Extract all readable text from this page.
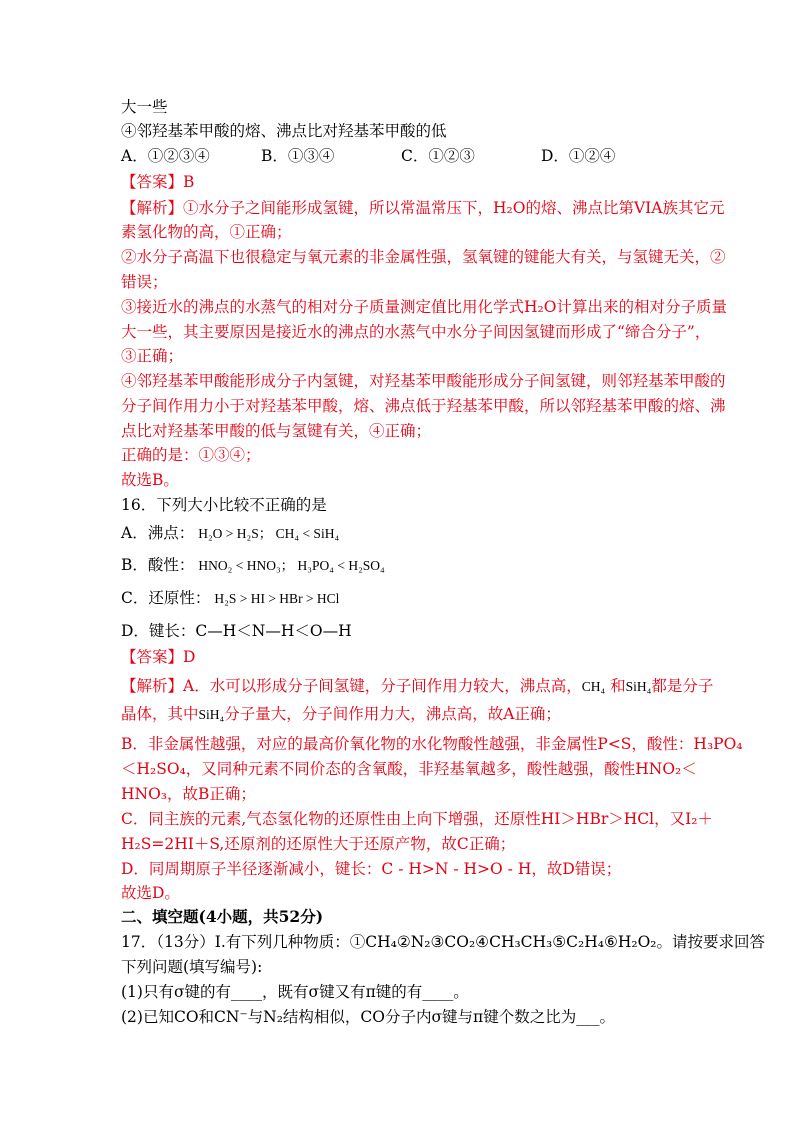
大一些
④邻羟基苯甲酸的熔、沸点比对羟基苯甲酸的低
A．①②③④	B．①③④	C．①②③	D．①②④
【答案】B
【解析】①水分子之间能形成氢键，所以常温常压下，H₂O的熔、沸点比第VIA族其它元
素氢化物的高，①正确；
②水分子高温下也很稳定与氧元素的非金属性强，氢氧键的键能大有关，与氢键无关，②
错误；
③接近水的沸点的水蒸气的相对分子质量测定值比用化学式H₂O计算出来的相对分子质量
大一些，其主要原因是接近水的沸点的水蒸气中水分子间因氢键而形成了“缔合分子”，
③正确；
④邻羟基苯甲酸能形成分子内氢键，对羟基苯甲酸能形成分子间氢键，则邻羟基苯甲酸的
分子间作用力小于对羟基苯甲酸，熔、沸点低于羟基苯甲酸，所以邻羟基苯甲酸的熔、沸
点比对羟基苯甲酸的低与氢键有关，④正确；
正确的是：①③④；
故选B。
16．下列大小比较不正确的是
A．沸点： H₂O > H₂S； CH₄ < SiH₄
B．酸性： HNO₂ < HNO₃； H₃PO₄ < H₂SO₄
C．还原性： H₂S > HI > HBr > HCl
D．键长：C—H＜N—H＜O—H
【答案】D
【解析】A．水可以形成分子间氢键，分子间作用力较大，沸点高，CH₄ 和SiH₄都是分子
晶体，其中SiH₄分子量大，分子间作用力大，沸点高，故A正确；
B．非金属性越强，对应的最高价氧化物的水化物酸性越强，非金属性P<S，酸性：H₃PO₄
＜H₂SO₄，又同种元素不同价态的含氧酸，非羟基氧越多，酸性越强，酸性HNO₂＜
HNO₃，故B正确；
C．同主族的元素,气态氢化物的还原性由上向下增强，还原性HI＞HBr＞HCl，又I₂＋
H₂S=2HI＋S,还原剂的还原性大于还原产物，故C正确；
D．同周期原子半径逐渐减小，键长：C - H>N - H>O - H，故D错误；
故选D。
二、填空题(4小题，共52分)
17．（13分）I.有下列几种物质：①CH₄②N₂③CO₂④CH₃CH₃⑤C₂H₄⑥H₂O₂。请按要求回答
下列问题(填写编号):
(1)只有σ键的有____，既有σ键又有π键的有____。
(2)已知CO和CN⁻与N₂结构相似，CO分子内σ键与π键个数之比为___。
